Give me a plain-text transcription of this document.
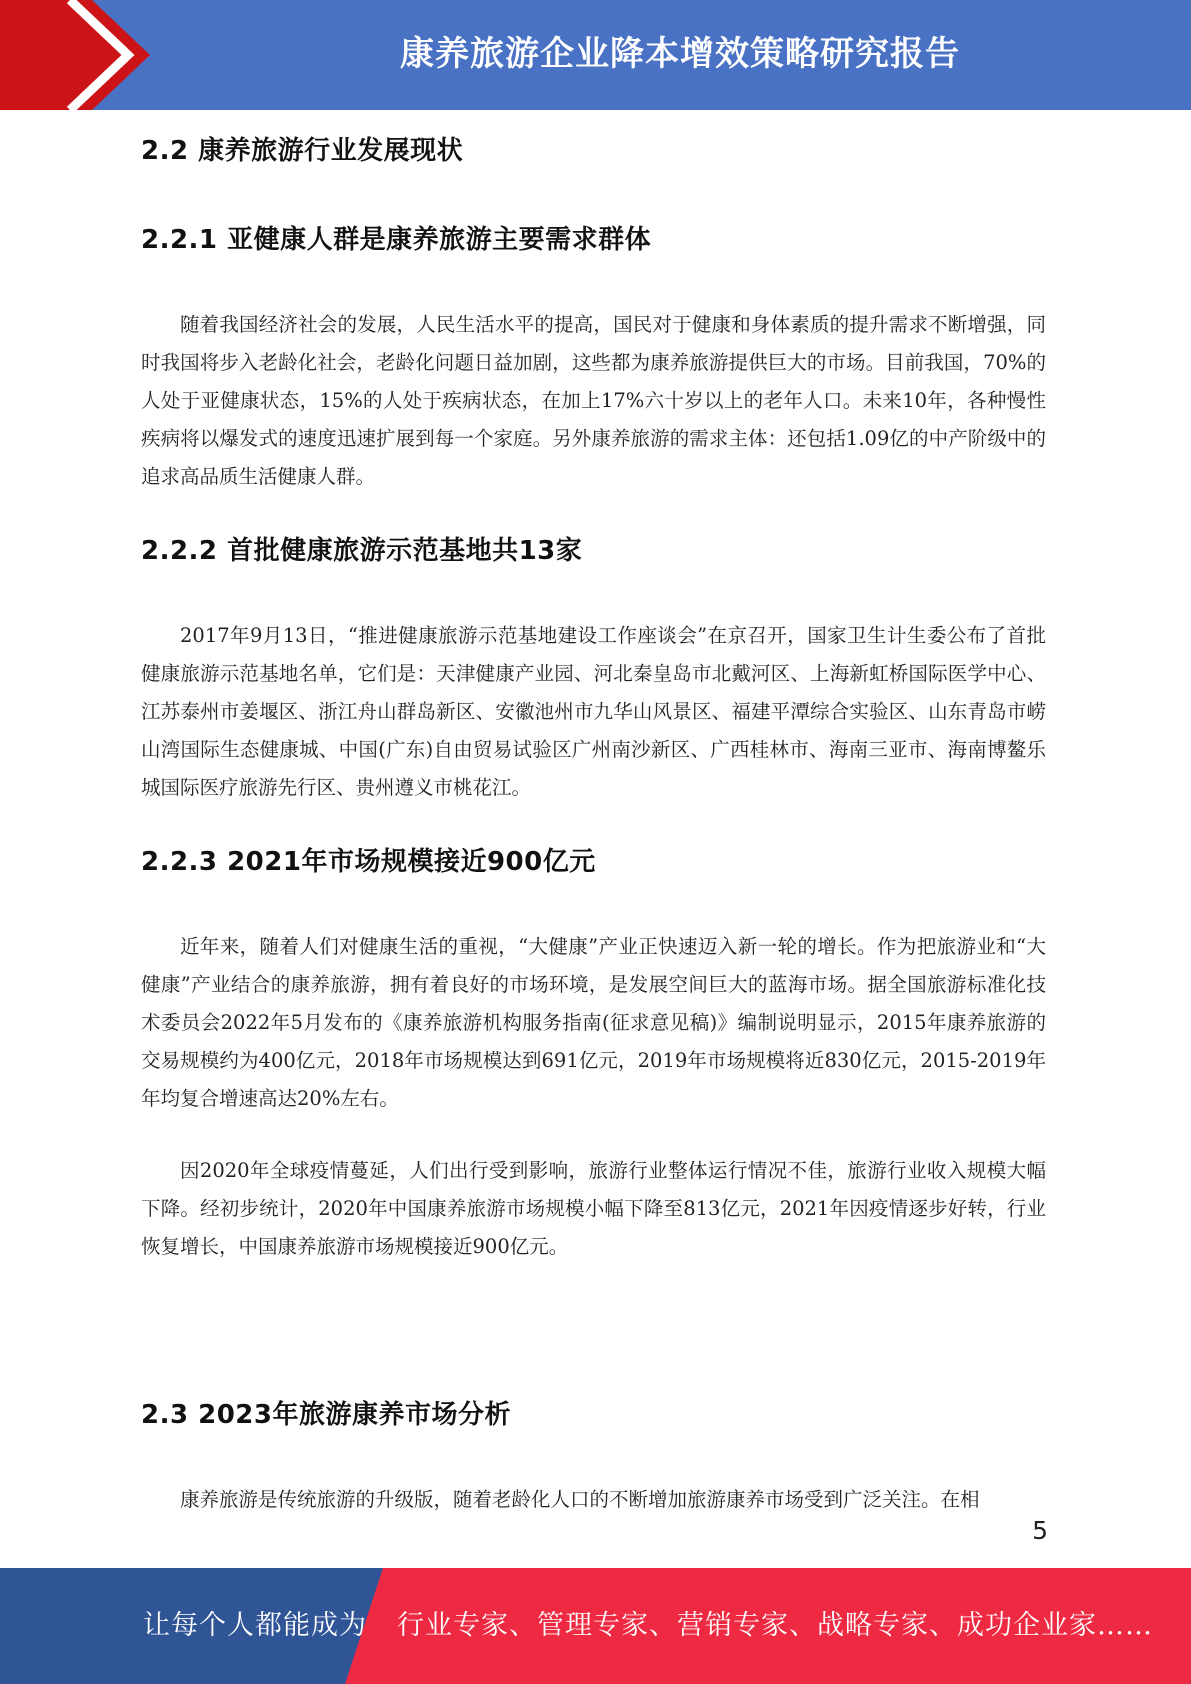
康养旅游企业降本增效策略研究报告
2.2 康养旅游行业发展现状
2.2.1 亚健康人群是康养旅游主要需求群体

随着我国经济社会的发展，人民生活水平的提高，国民对于健康和身体素质的提升需求不断增强，同时我国将步入老龄化社会，老龄化问题日益加剧，这些都为康养旅游提供巨大的市场。目前我国，70%的人处于亚健康状态，15%的人处于疾病状态，在加上17%六十岁以上的老年人口。未来10年，各种慢性疾病将以爆发式的速度迅速扩展到每一个家庭。另外康养旅游的需求主体：还包括1.09亿的中产阶级中的追求高品质生活健康人群。

2.2.2 首批健康旅游示范基地共13家

2017年9月13日，“推进健康旅游示范基地建设工作座谈会”在京召开，国家卫生计生委公布了首批健康旅游示范基地名单，它们是：天津健康产业园、河北秦皇岛市北戴河区、上海新虹桥国际医学中心、江苏泰州市姜堰区、浙江舟山群岛新区、安徽池州市九华山风景区、福建平潭综合实验区、山东青岛市崂山湾国际生态健康城、中国(广东)自由贸易试验区广州南沙新区、广西桂林市、海南三亚市、海南博鳌乐城国际医疗旅游先行区、贵州遵义市桃花江。

2.2.3 2021年市场规模接近900亿元

近年来，随着人们对健康生活的重视，“大健康”产业正快速迈入新一轮的增长。作为把旅游业和“大健康”产业结合的康养旅游，拥有着良好的市场环境，是发展空间巨大的蓝海市场。据全国旅游标准化技术委员会2022年5月发布的《康养旅游机构服务指南(征求意见稿)》编制说明显示，2015年康养旅游的交易规模约为400亿元，2018年市场规模达到691亿元，2019年市场规模将近830亿元，2015-2019年年均复合增速高达20%左右。

因2020年全球疫情蔓延，人们出行受到影响，旅游行业整体运行情况不佳，旅游行业收入规模大幅下降。经初步统计，2020年中国康养旅游市场规模小幅下降至813亿元，2021年因疫情逐步好转，行业恢复增长，中国康养旅游市场规模接近900亿元。

2.3 2023年旅游康养市场分析

康养旅游是传统旅游的升级版，随着老龄化人口的不断增加旅游康养市场受到广泛关注。在相

5
让每个人都能成为 行业专家、管理专家、营销专家、战略专家、成功企业家……
